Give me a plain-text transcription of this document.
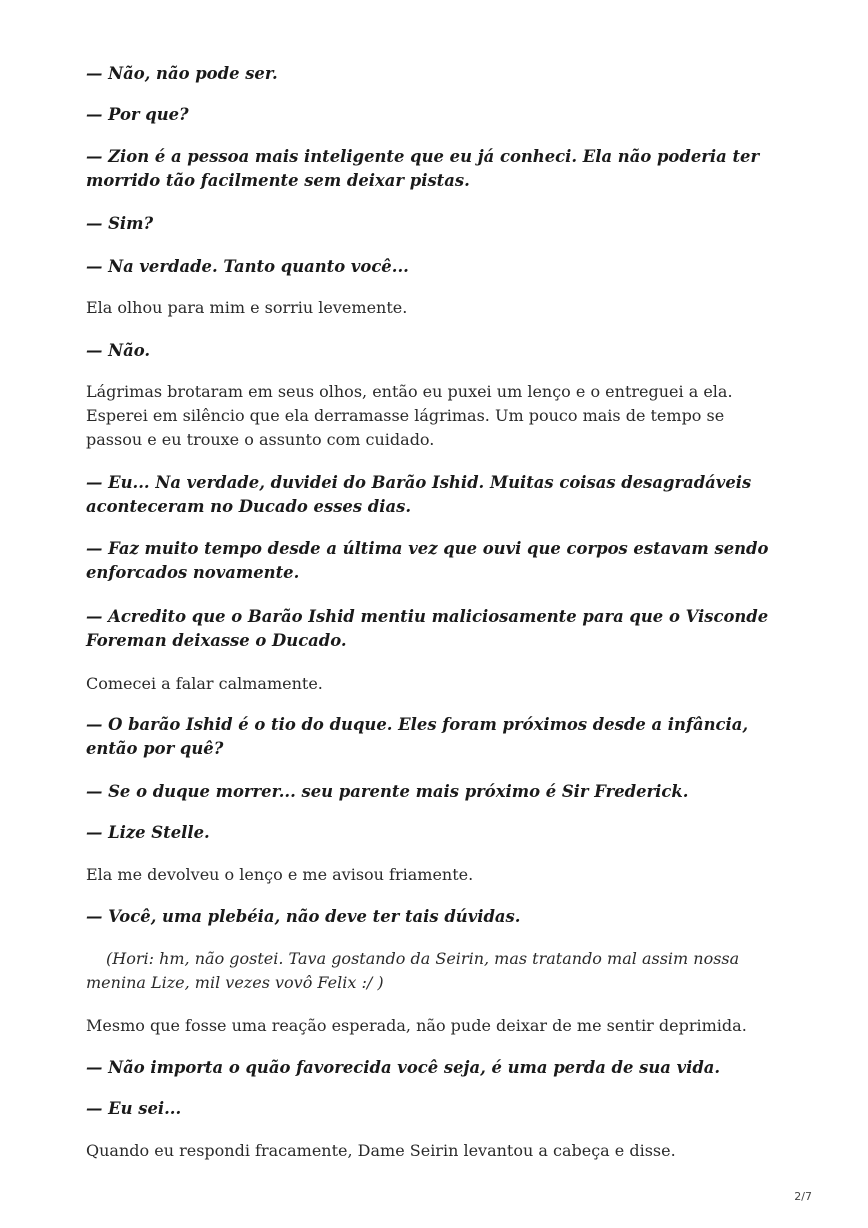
— Não, não pode ser.

— Por que?

— Zion é a pessoa mais inteligente que eu já conheci. Ela não poderia ter morrido tão facilmente sem deixar pistas.

— Sim?

— Na verdade. Tanto quanto você...

Ela olhou para mim e sorriu levemente.

— Não.

Lágrimas brotaram em seus olhos, então eu puxei um lenço e o entreguei a ela. Esperei em silêncio que ela derramasse lágrimas. Um pouco mais de tempo se passou e eu trouxe o assunto com cuidado.

— Eu... Na verdade, duvidei do Barão Ishid. Muitas coisas desagradáveis aconteceram no Ducado esses dias.

— Faz muito tempo desde a última vez que ouvi que corpos estavam sendo enforcados novamente.

— Acredito que o Barão Ishid mentiu maliciosamente para que o Visconde Foreman deixasse o Ducado.

Comecei a falar calmamente.

— O barão Ishid é o tio do duque. Eles foram próximos desde a infância, então por quê?

— Se o duque morrer... seu parente mais próximo é Sir Frederick.

— Lize Stelle.

Ela me devolveu o lenço e me avisou friamente.

— Você, uma plebéia, não deve ter tais dúvidas.

(Hori: hm, não gostei. Tava gostando da Seirin, mas tratando mal assim nossa menina Lize, mil vezes vovô Felix :/ )

Mesmo que fosse uma reação esperada, não pude deixar de me sentir deprimida.

— Não importa o quão favorecida você seja, é uma perda de sua vida.

— Eu sei...

Quando eu respondi fracamente, Dame Seirin levantou a cabeça e disse.

2/7
